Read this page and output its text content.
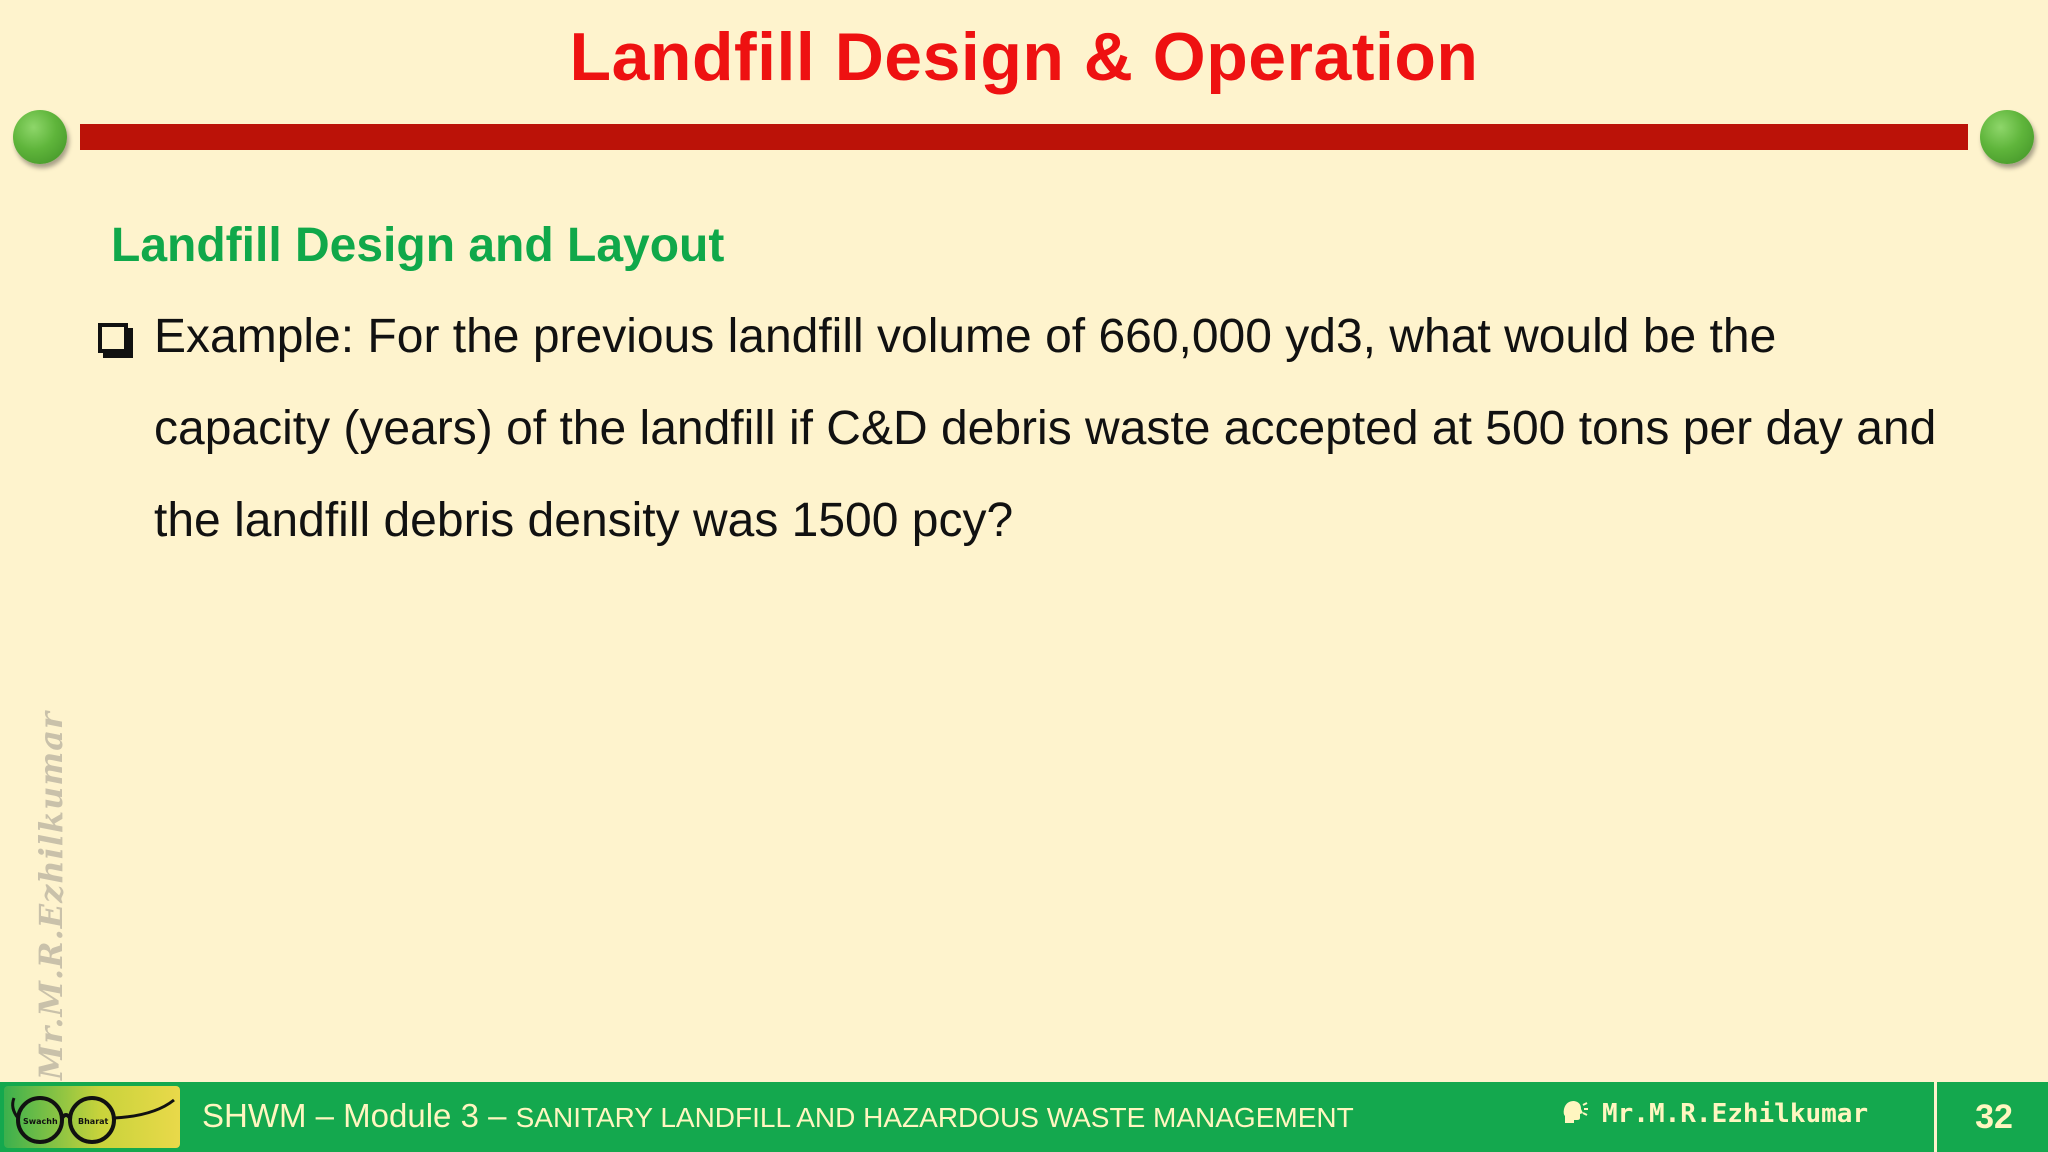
Landfill Design & Operation
Landfill Design and Layout
Example: For the previous landfill volume of 660,000 yd3, what would be the capacity (years) of the landfill if C&D debris waste accepted at 500 tons per day and the landfill debris density was 1500 pcy?
Mr.M.R.Ezhilkumar
Swachh	Bharat	SHWM – Module 3 – SANITARY LANDFILL AND HAZARDOUS WASTE MANAGEMENT	Mr.M.R.Ezhilkumar	32
